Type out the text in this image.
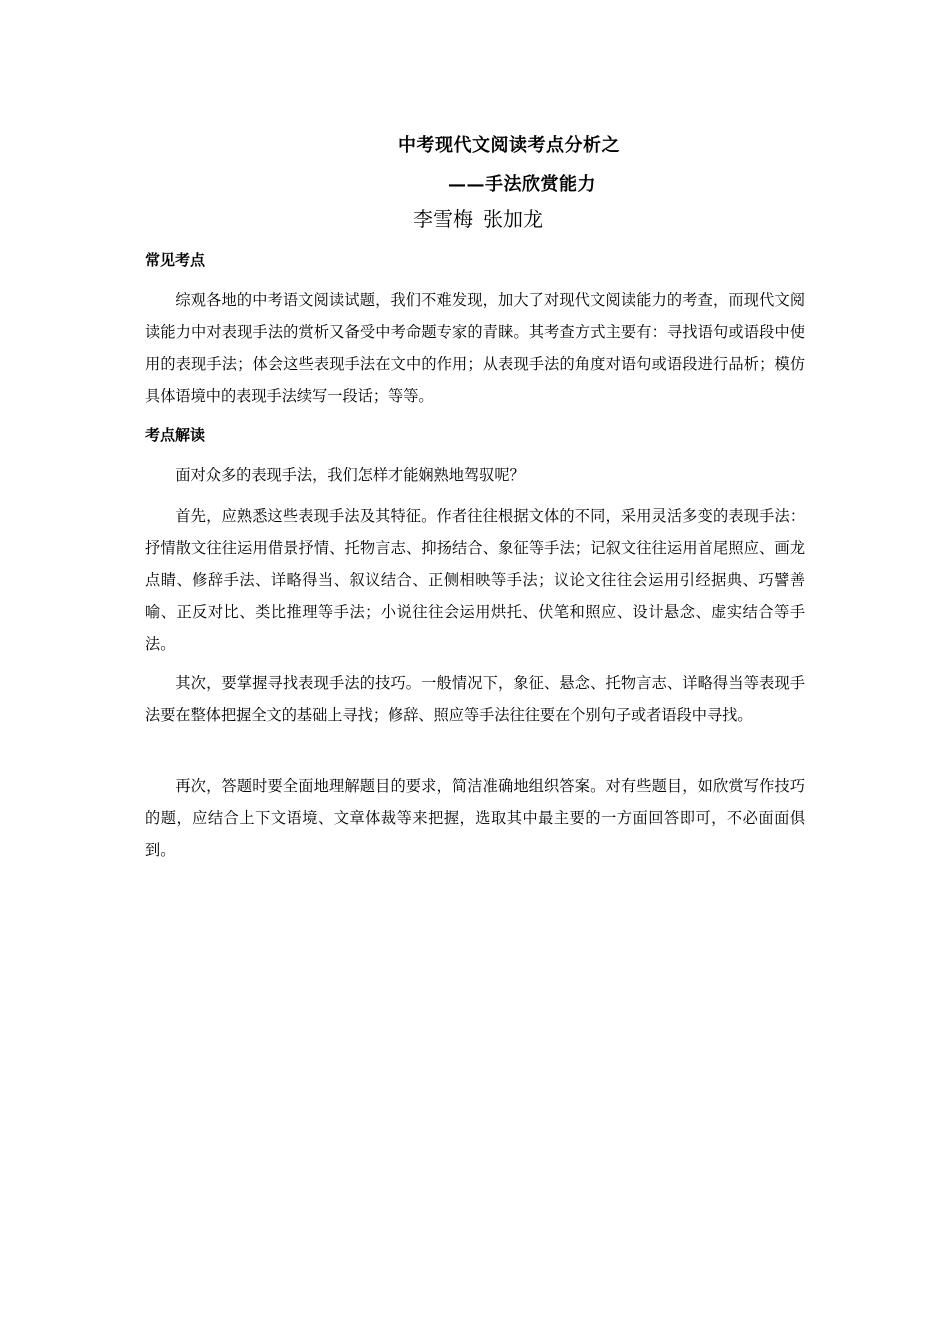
中考现代文阅读考点分析之
——手法欣赏能力
李雪梅 张加龙
常见考点

综观各地的中考语文阅读试题，我们不难发现，加大了对现代文阅读能力的考查，而现代文阅读能力中对表现手法的赏析又备受中考命题专家的青睐。其考查方式主要有：寻找语句或语段中使用的表现手法；体会这些表现手法在文中的作用；从表现手法的角度对语句或语段进行品析；模仿具体语境中的表现手法续写一段话；等等。

考点解读

面对众多的表现手法，我们怎样才能娴熟地驾驭呢？

首先，应熟悉这些表现手法及其特征。作者往往根据文体的不同，采用灵活多变的表现手法：抒情散文往往运用借景抒情、托物言志、抑扬结合、象征等手法；记叙文往往运用首尾照应、画龙点睛、修辞手法、详略得当、叙议结合、正侧相映等手法；议论文往往会运用引经据典、巧譬善喻、正反对比、类比推理等手法；小说往往会运用烘托、伏笔和照应、设计悬念、虚实结合等手法。

其次，要掌握寻找表现手法的技巧。一般情况下，象征、悬念、托物言志、详略得当等表现手法要在整体把握全文的基础上寻找；修辞、照应等手法往往要在个别句子或者语段中寻找。

再次，答题时要全面地理解题目的要求，简洁准确地组织答案。对有些题目，如欣赏写作技巧的题，应结合上下文语境、文章体裁等来把握，选取其中最主要的一方面回答即可，不必面面俱到。
